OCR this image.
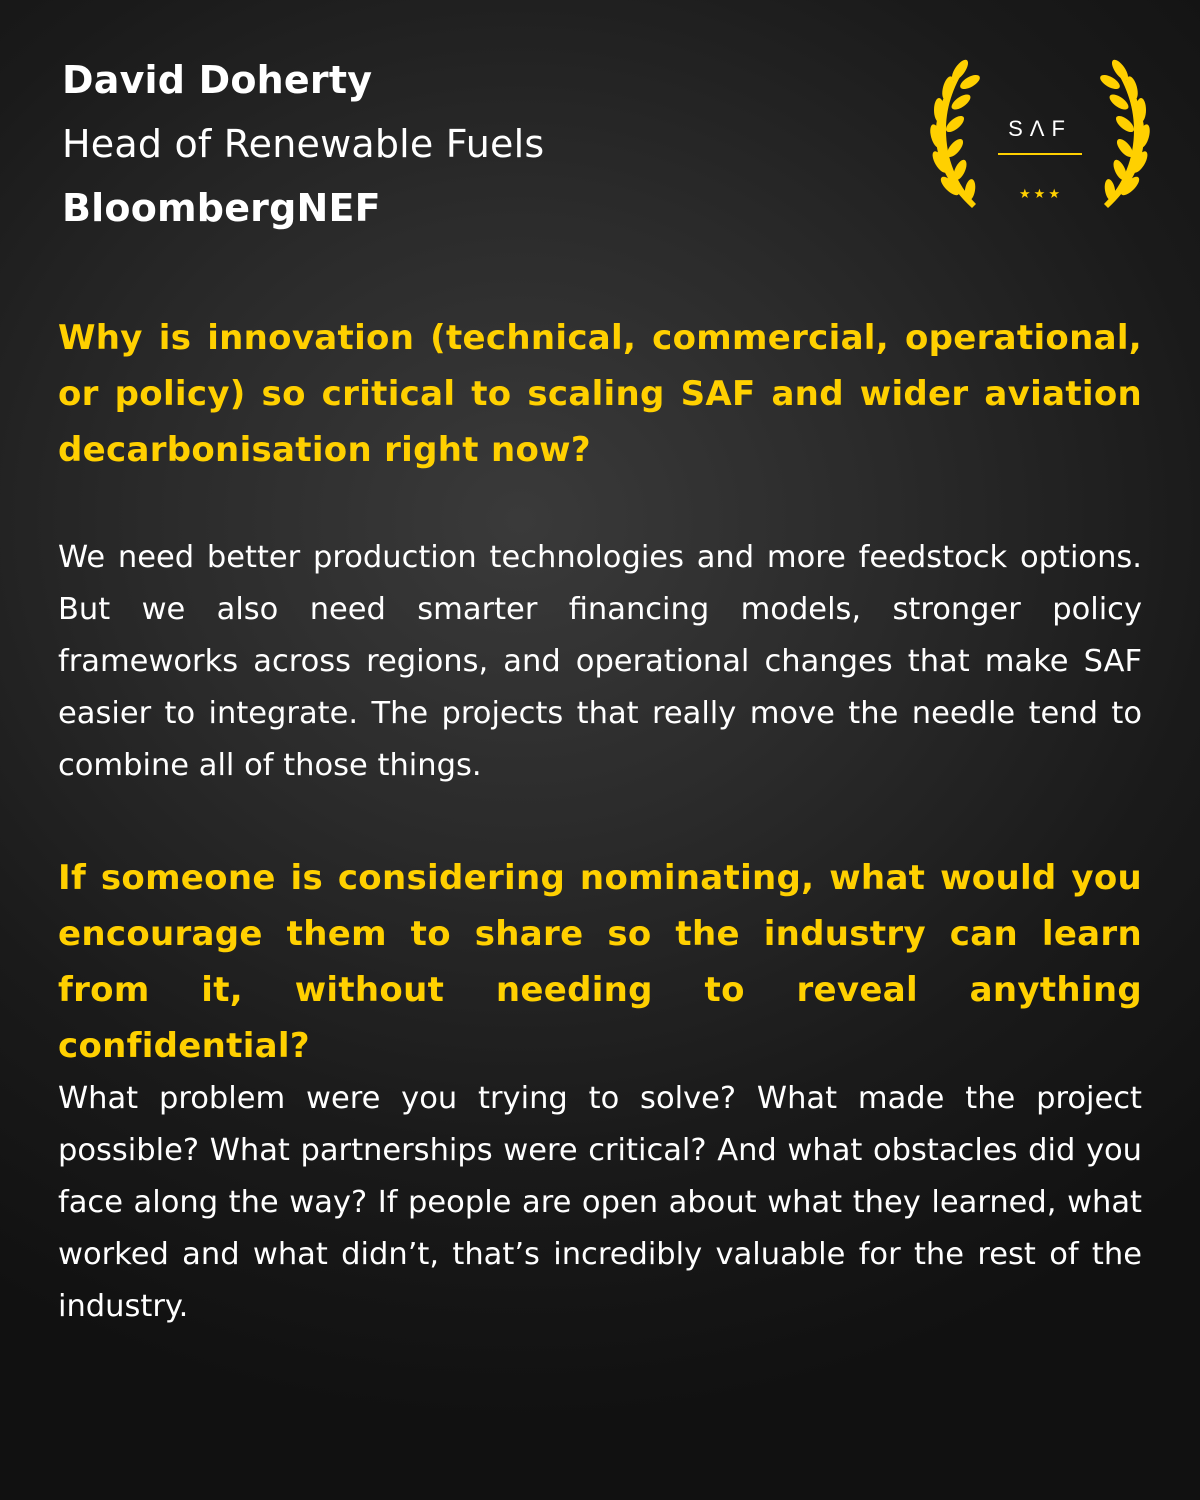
David Doherty
Head of Renewable Fuels
BloombergNEF
SΛF
★★★
Why is innovation (technical, commercial, operational, or policy) so critical to scaling SAF and wider aviation decarbonisation right now?
We need better production technologies and more feedstock options. But we also need smarter financing models, stronger policy frameworks across regions, and operational changes that make SAF easier to integrate. The projects that really move the needle tend to combine all of those things.
If someone is considering nominating, what would you encourage them to share so the industry can learn from it, without needing to reveal anything confidential?
What problem were you trying to solve? What made the project possible? What partnerships were critical? And what obstacles did you face along the way? If people are open about what they learned, what worked and what didn’t, that’s incredibly valuable for the rest of the industry.
